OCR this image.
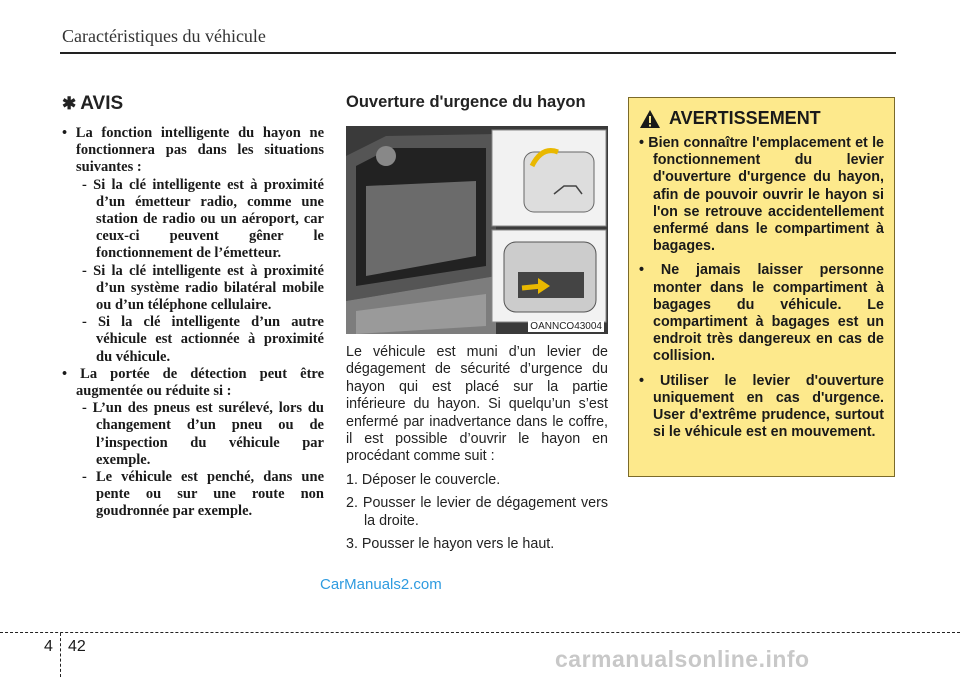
Caractéristiques du véhicule
✱ AVIS
• La fonction intelligente du hayon ne fonctionnera pas dans les situations suivantes :
- Si la clé intelligente est à proximité d’un émetteur radio, comme une station de radio ou un aéroport, car ceux-ci peuvent gêner le fonctionnement de l’émetteur.
- Si la clé intelligente est à proximité d’un système radio bilatéral mobile ou d’un téléphone cellulaire.
- Si la clé intelligente d’un autre véhicule est actionnée à proximité du véhicule.
• La portée de détection peut être augmentée ou réduite si :
- L’un des pneus est surélevé, lors du changement d’un pneu ou de l’inspection du véhicule par exemple.
- Le véhicule est penché, dans une pente ou sur une route non goudronnée par exemple.
Ouverture d'urgence du hayon
OANNCO43004

Le véhicule est muni d’un levier de dégagement de sécurité d’urgence du hayon qui est placé sur la partie inférieure du hayon. Si quelqu’un s’est enfermé par inadvertance dans le coffre, il est possible d’ouvrir le hayon en procédant comme suit :

1. Déposer le couvercle.

2. Pousser le levier de dégagement vers la droite.

3. Pousser le hayon vers le haut.

AVERTISSEMENT
• Bien connaître l'emplacement et le fonctionnement du levier d'ouverture d'urgence du hayon, afin de pouvoir ouvrir le hayon si l'on se retrouve accidentellement enfermé dans le compartiment à bagages.
• Ne jamais laisser personne monter dans le compartiment à bagages du véhicule. Le compartiment à bagages est un endroit très dangereux en cas de collision.
• Utiliser le levier d'ouverture uniquement en cas d'urgence. User d'extrême prudence, surtout si le véhicule est en mouvement.
CarManuals2.com
4 42	carmanualsonline.info
